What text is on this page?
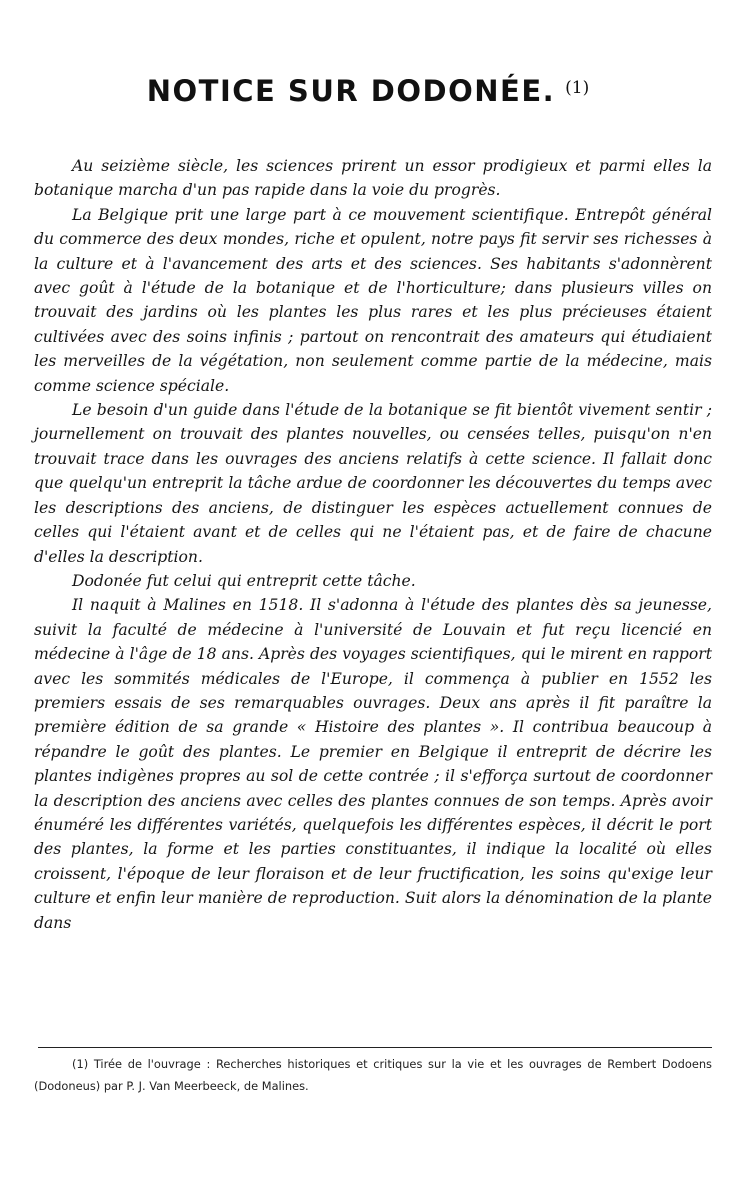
NOTICE SUR DODONÉE. (1)

Au seizième siècle, les sciences prirent un essor prodigieux et parmi elles la botanique marcha d'un pas rapide dans la voie du progrès.

La Belgique prit une large part à ce mouvement scientifique. Entrepôt général du commerce des deux mondes, riche et opulent, notre pays fit servir ses richesses à la culture et à l'avancement des arts et des sciences. Ses habitants s'adonnèrent avec goût à l'étude de la botanique et de l'horticulture; dans plusieurs villes on trouvait des jardins où les plantes les plus rares et les plus précieuses étaient cultivées avec des soins infinis ; partout on rencontrait des amateurs qui étudiaient les merveilles de la végétation, non seulement comme partie de la médecine, mais comme science spéciale.

Le besoin d'un guide dans l'étude de la botanique se fit bientôt vivement sentir ; journellement on trouvait des plantes nouvelles, ou censées telles, puisqu'on n'en trouvait trace dans les ouvrages des anciens relatifs à cette science. Il fallait donc que quelqu'un entreprit la tâche ardue de coordonner les découvertes du temps avec les descriptions des anciens, de distinguer les espèces actuellement connues de celles qui l'étaient avant et de celles qui ne l'étaient pas, et de faire de chacune d'elles la description.

Dodonée fut celui qui entreprit cette tâche.

Il naquit à Malines en 1518. Il s'adonna à l'étude des plantes dès sa jeunesse, suivit la faculté de médecine à l'université de Louvain et fut reçu licencié en médecine à l'âge de 18 ans. Après des voyages scientifiques, qui le mirent en rapport avec les sommités médicales de l'Europe, il commença à publier en 1552 les premiers essais de ses remarquables ouvrages. Deux ans après il fit paraître la première édition de sa grande « Histoire des plantes ». Il contribua beaucoup à répandre le goût des plantes. Le premier en Belgique il entreprit de décrire les plantes indigènes propres au sol de cette contrée ; il s'efforça surtout de coordonner la description des anciens avec celles des plantes connues de son temps. Après avoir énuméré les différentes variétés, quelquefois les différentes espèces, il décrit le port des plantes, la forme et les parties constituantes, il indique la localité où elles croissent, l'époque de leur floraison et de leur fructification, les soins qu'exige leur culture et enfin leur manière de reproduction. Suit alors la dénomination de la plante dans

(1) Tirée de l'ouvrage : Recherches historiques et critiques sur la vie et les ouvrages de Rembert Dodoens (Dodoneus) par P. J. Van Meerbeeck, de Malines.
